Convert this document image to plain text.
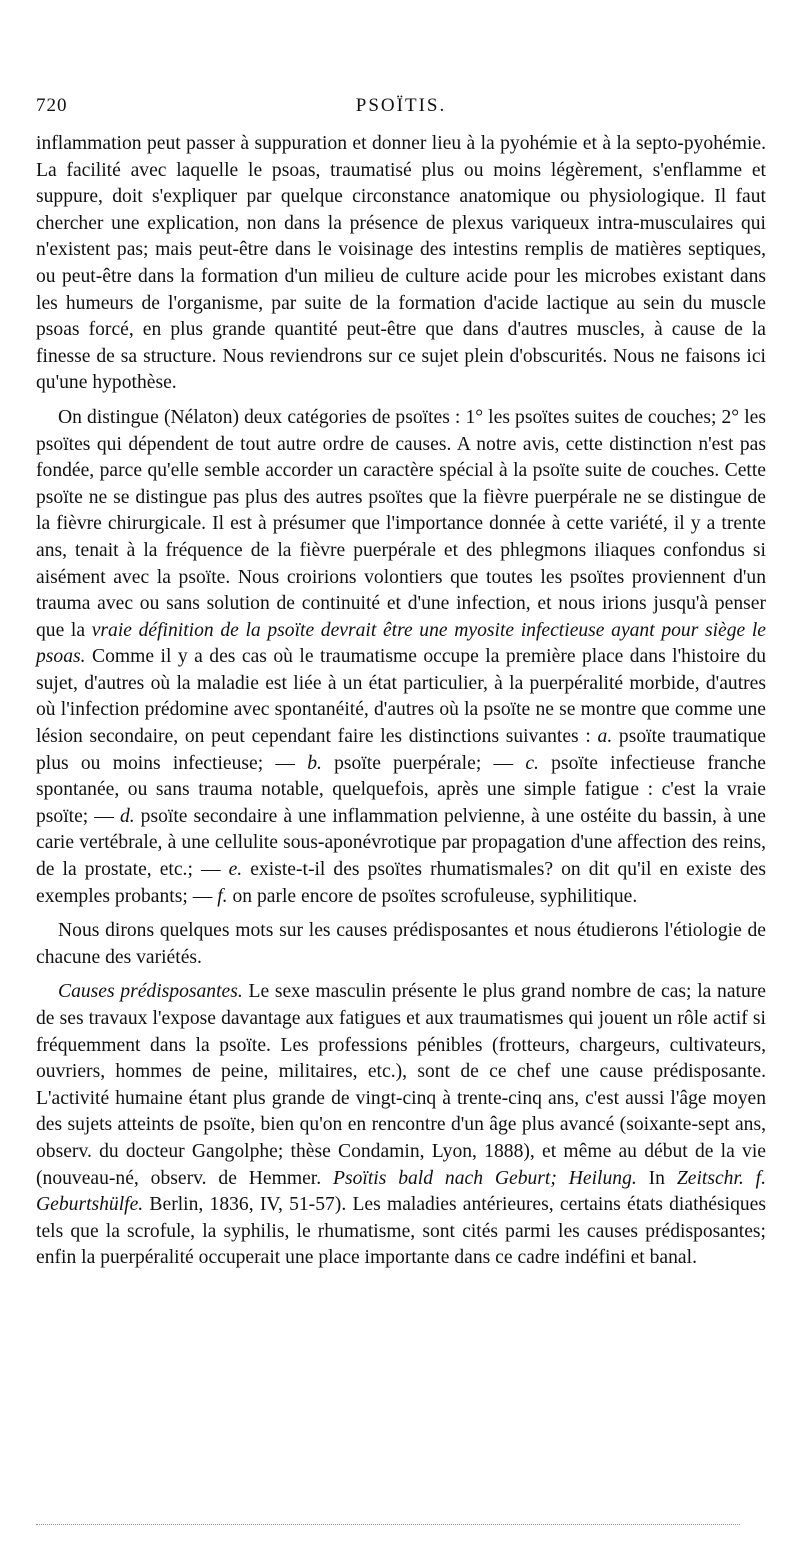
720	PSOÏTIS.

inflammation peut passer à suppuration et donner lieu à la pyohémie et à la septo-pyohémie. La facilité avec laquelle le psoas, traumatisé plus ou moins légèrement, s'enflamme et suppure, doit s'expliquer par quelque circonstance anatomique ou physiologique. Il faut chercher une explication, non dans la présence de plexus variqueux intra-musculaires qui n'existent pas; mais peut-être dans le voisinage des intestins remplis de matières septiques, ou peut-être dans la formation d'un milieu de culture acide pour les microbes existant dans les humeurs de l'organisme, par suite de la formation d'acide lactique au sein du muscle psoas forcé, en plus grande quantité peut-être que dans d'autres muscles, à cause de la finesse de sa structure. Nous reviendrons sur ce sujet plein d'obscurités. Nous ne faisons ici qu'une hypothèse.

On distingue (Nélaton) deux catégories de psoïtes : 1° les psoïtes suites de couches; 2° les psoïtes qui dépendent de tout autre ordre de causes. A notre avis, cette distinction n'est pas fondée, parce qu'elle semble accorder un caractère spécial à la psoïte suite de couches. Cette psoïte ne se distingue pas plus des autres psoïtes que la fièvre puerpérale ne se distingue de la fièvre chirurgicale. Il est à présumer que l'importance donnée à cette variété, il y a trente ans, tenait à la fréquence de la fièvre puerpérale et des phlegmons iliaques confondus si aisément avec la psoïte. Nous croirions volontiers que toutes les psoïtes proviennent d'un trauma avec ou sans solution de continuité et d'une infection, et nous irions jusqu'à penser que la vraie définition de la psoïte devrait être une myosite infectieuse ayant pour siège le psoas. Comme il y a des cas où le traumatisme occupe la première place dans l'histoire du sujet, d'autres où la maladie est liée à un état particulier, à la puerpéralité morbide, d'autres où l'infection prédomine avec spontanéité, d'autres où la psoïte ne se montre que comme une lésion secondaire, on peut cependant faire les distinctions suivantes : a. psoïte traumatique plus ou moins infectieuse; — b. psoïte puerpérale; — c. psoïte infectieuse franche spontanée, ou sans trauma notable, quelquefois, après une simple fatigue : c'est la vraie psoïte; — d. psoïte secondaire à une inflammation pelvienne, à une ostéite du bassin, à une carie vertébrale, à une cellulite sous-aponévrotique par propagation d'une affection des reins, de la prostate, etc.; — e. existe-t-il des psoïtes rhumatismales? on dit qu'il en existe des exemples probants; — f. on parle encore de psoïtes scrofuleuse, syphilitique.

Nous dirons quelques mots sur les causes prédisposantes et nous étudierons l'étiologie de chacune des variétés.

Causes prédisposantes. Le sexe masculin présente le plus grand nombre de cas; la nature de ses travaux l'expose davantage aux fatigues et aux traumatismes qui jouent un rôle actif si fréquemment dans la psoïte. Les professions pénibles (frotteurs, chargeurs, cultivateurs, ouvriers, hommes de peine, militaires, etc.), sont de ce chef une cause prédisposante. L'activité humaine étant plus grande de vingt-cinq à trente-cinq ans, c'est aussi l'âge moyen des sujets atteints de psoïte, bien qu'on en rencontre d'un âge plus avancé (soixante-sept ans, observ. du docteur Gangolphe; thèse Condamin, Lyon, 1888), et même au début de la vie (nouveau-né, observ. de Hemmer. Psoïtis bald nach Geburt; Heilung. In Zeitschr. f. Geburtshülfe. Berlin, 1836, IV, 51-57). Les maladies antérieures, certains états diathésiques tels que la scrofule, la syphilis, le rhumatisme, sont cités parmi les causes prédisposantes; enfin la puerpéralité occuperait une place importante dans ce cadre indéfini et banal.
